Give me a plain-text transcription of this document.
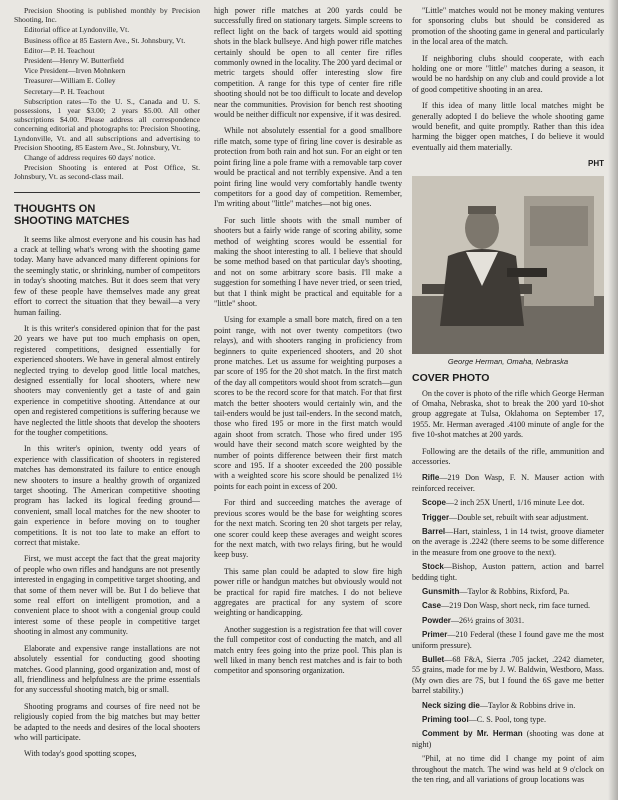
Precision Shooting is published monthly by Precision Shooting, Inc.

Editorial office at Lyndonville, Vt.

Business office at 85 Eastern Ave., St. Johnsbury, Vt.

Editor—P. H. Teachout

President—Henry W. Butterfield

Vice President—Irven Mohnkern

Treasurer—William E. Colley

Secretary—P. H. Teachout

Subscription rates—To the U. S., Canada and U. S. possessions, 1 year $3.00; 2 years $5.00. All other subscriptions $4.00. Please address all correspondence concerning editorial and photographs to: Precision Shooting, Lyndonville, Vt. and all subscriptions and advertising to Precision Shooting, 85 Eastern Ave., St. Johnsbury, Vt.

Change of address requires 60 days' notice.

Precision Shooting is entered at Post Office, St. Johnsbury, Vt. as second-class mail.

THOUGHTS ON
SHOOTING MATCHES

It seems like almost everyone and his cousin has had a crack at telling what's wrong with the shooting game today. Many have advanced many different opinions for the seemingly static, or shrinking, number of competitors in today's shooting matches. But it does seem that very few of these people have themselves made any great effort to correct the situation that they bewail—a very human failing.

It is this writer's considered opinion that for the past 20 years we have put too much emphasis on open, registered competitions, designed essentially for experienced shooters. We have in general almost entirely neglected trying to develop good little local matches, designed essentially for local shooters, where new shooters may conveniently get a taste of and gain experience in competitive shooting. Attendance at our open and registered competitions is suffering because we have neglected the little shoots that develop the shooters for the tougher competitions.

In this writer's opinion, twenty odd years of experience with classification of shooters in registered matches has demonstrated its failure to entice enough new shooters to insure a healthy growth of organized target shooting. The American competitive shooting program has lacked its logical feeding ground—convenient, small local matches for the new shooter to gain experience in before moving on to tougher competitions. It is not too late to make an effort to correct that mistake.

First, we must accept the fact that the great majority of people who own rifles and handguns are not presently interested in engaging in competitive target shooting, and that some of them never will be. But I do believe that some real effort on intelligent promotion, and a convenient place to shoot with a congenial group could interest some of these people in competitive target shooting in almost any community.

Elaborate and expensive range installations are not absolutely essential for conducting good shooting matches. Good planning, good organization and, most of all, friendliness and helpfulness are the prime essentials for any successful shooting match, big or small.

Shooting programs and courses of fire need not be religiously copied from the big matches but may better be adapted to the needs and desires of the local shooters who will participate.

With today's good spotting scopes,

high power rifle matches at 200 yards could be successfully fired on stationary targets. Simple screens to reflect light on the back of targets would aid spotting shots in the black bullseye. And high power rifle matches certainly should be open to all center fire rifles commonly owned in the locality. The 200 yard decimal or metric targets should offer interesting slow fire competition. A range for this type of center fire rifle shooting should not be too difficult to locate and develop near the communities. Provision for bench rest shooting would be neither difficult nor expensive, if it was desired.

While not absolutely essential for a good smallbore rifle match, some type of firing line cover is desirable as protection from both rain and hot sun. For an eight or ten point firing line a pole frame with a removable tarp cover would be practical and not terribly expensive. And a ten point firing line would very comfortably handle twenty competitors for a good day of competition. Remember, I'm writing about "little" matches—not big ones.

For such little shoots with the small number of shooters but a fairly wide range of scoring ability, some method of weighting scores would be essential for making the shoot interesting to all. I believe that should be some method based on that particular day's shooting, and not on some arbitrary score basis. I'll make a suggestion for something I have never tried, or seen tried, but that I think might be practical and equitable for a "little" shoot.

Using for example a small bore match, fired on a ten point range, with not over twenty competitors (two relays), and with shooters ranging in proficiency from beginners to quite experienced shooters, and 20 shot prone matches. Let us assume for weighting purposes a par score of 195 for the 20 shot match. In the first match of the day all competitors would shoot from scratch—gun scores to be the record score for that match. For that first match the better shooters would certainly win, and the tail-enders would be just tail-enders. In the second match, those who fired 195 or more in the first match would again shoot from scratch. Those who fired under 195 would have their second match score weighted by the number of points difference between their first match score and 195. If a shooter exceeded the 200 possible with a weighted score his score should be penalized 1½ points for each point in excess of 200.

For third and succeeding matches the average of previous scores would be the base for weighting scores for the next match. Scoring ten 20 shot targets per relay, one scorer could keep these averages and weight scores for the next match, with two relays firing, but he would keep busy.

This same plan could be adapted to slow fire high power rifle or handgun matches but obviously would not be practical for rapid fire matches. I do not believe aggregates are practical for any system of score weighting or handicapping.

Another suggestion is a registration fee that will cover the full competitor cost of conducting the match, and all match entry fees going into the prize pool. This plan is well liked in many bench rest matches and is fair to both competitor and sponsoring organization.

"Little" matches would not be money making ventures for sponsoring clubs but should be considered as promotion of the shooting game in general and particularly in the local area of the match.

If neighboring clubs should cooperate, with each holding one or more "little" matches during a season, it would be no hardship on any club and could provide a lot of good competitive shooting in an area.

If this idea of many little local matches might be generally adopted I do believe the whole shooting game would benefit, and quite promptly. Rather than this idea harming the bigger open matches, I do believe it would eventually aid them materially.

PHT
George Herman, Omaha, Nebraska
COVER PHOTO

On the cover is photo of the rifle which George Herman of Omaha, Nebraska, shot to break the 200 yard 10-shot group aggregate at Tulsa, Oklahoma on September 17, 1955. Mr. Herman averaged .4100 minute of angle for the five 10-shot matches at 200 yards.

Following are the details of the rifle, ammunition and accessories.

Rifle—219 Don Wasp, F. N. Mauser action with reinforced receiver.
Scope—2 inch 25X Unertl, 1/16 minute Lee dot.
Trigger—Double set, rebuilt with sear adjustment.
Barrel—Hart, stainless, 1 in 14 twist, groove diameter on the average is .2242 (there seems to be some difference in the measure from one groove to the next).
Stock—Bishop, Auston pattern, action and barrel bedding tight.
Gunsmith—Taylor & Robbins, Rixford, Pa.
Case—219 Don Wasp, short neck, rim face turned.
Powder—26½ grains of 3031.
Primer—210 Federal (these I found gave me the most uniform pressure).
Bullet—68 F&A, Sierra .705 jacket, .2242 diameter, 55 grains, made for me by J. W. Baldwin, Westboro, Mass. (My own dies are 7S, but I found the 6S gave me better barrel stability.)
Neck sizing die—Taylor & Robbins drive in.
Priming tool—C. S. Pool, tong type.
Comment by Mr. Herman (shooting was done at night)

"Phil, at no time did I change my point of aim throughout the match. The wind was held at 9 o'clock on the ten ring, and all variations of group locations was
